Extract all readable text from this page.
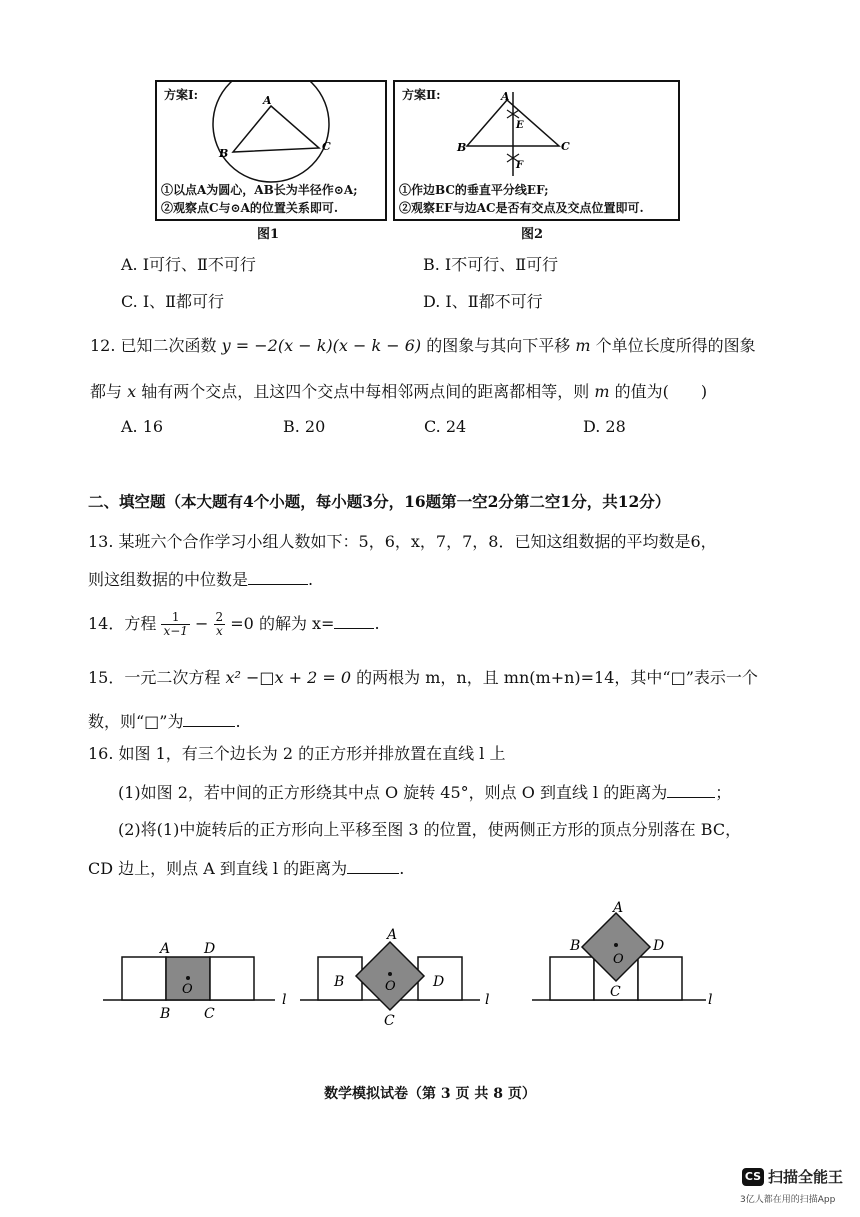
方案Ⅰ:	A
B
C
①以点A为圆心，AB长为半径作⊙A;
②观察点C与⊙A的位置关系即可.
图1
方案Ⅱ:	A
E
B	C
F
①作边BC的垂直平分线EF;
②观察EF与边AC是否有交点及交点位置即可.
图2
A. Ⅰ可行、Ⅱ不可行	B. Ⅰ不可行、Ⅱ可行
C. Ⅰ、Ⅱ都可行	D. Ⅰ、Ⅱ都不可行
12. 已知二次函数 y = −2(x − k)(x − k − 6) 的图象与其向下平移 m 个单位长度所得的图象
都与 x 轴有两个交点，且这四个交点中每相邻两点间的距离都相等，则 m 的值为(　　)
A. 16	B. 20	C. 24	D. 28
二、填空题（本大题有4个小题，每小题3分，16题第一空2分第二空1分，共12分）
13. 某班六个合作学习小组人数如下：5，6，x，7，7，8．已知这组数据的平均数是6，
则这组数据的中位数是	.
14．方程 $\frac{1}{x-1} - \frac{2}{x} =0$ 的解为 x=	.
15．一元二次方程 x² −□x + 2 = 0 的两根为 m，n，且 mn(m+n)=14，其中“□”表示一个
数，则“□”为	.
16. 如图 1，有三个边长为 2 的正方形并排放置在直线 l 上
(1)如图 2，若中间的正方形绕其中点 O 旋转 45°，则点 O 到直线 l 的距离为	；
(2)将(1)中旋转后的正方形向上平移至图 3 的位置，使两侧正方形的顶点分别落在 BC，
CD 边上，则点 A 到直线 l 的距离为	.
A D
O
B C
l
A
B	O	D
C
l
A
B
O
D
C	l
数学模拟试卷（第 3 页 共 8 页）
CS 扫描全能王
3亿人都在用的扫描App
